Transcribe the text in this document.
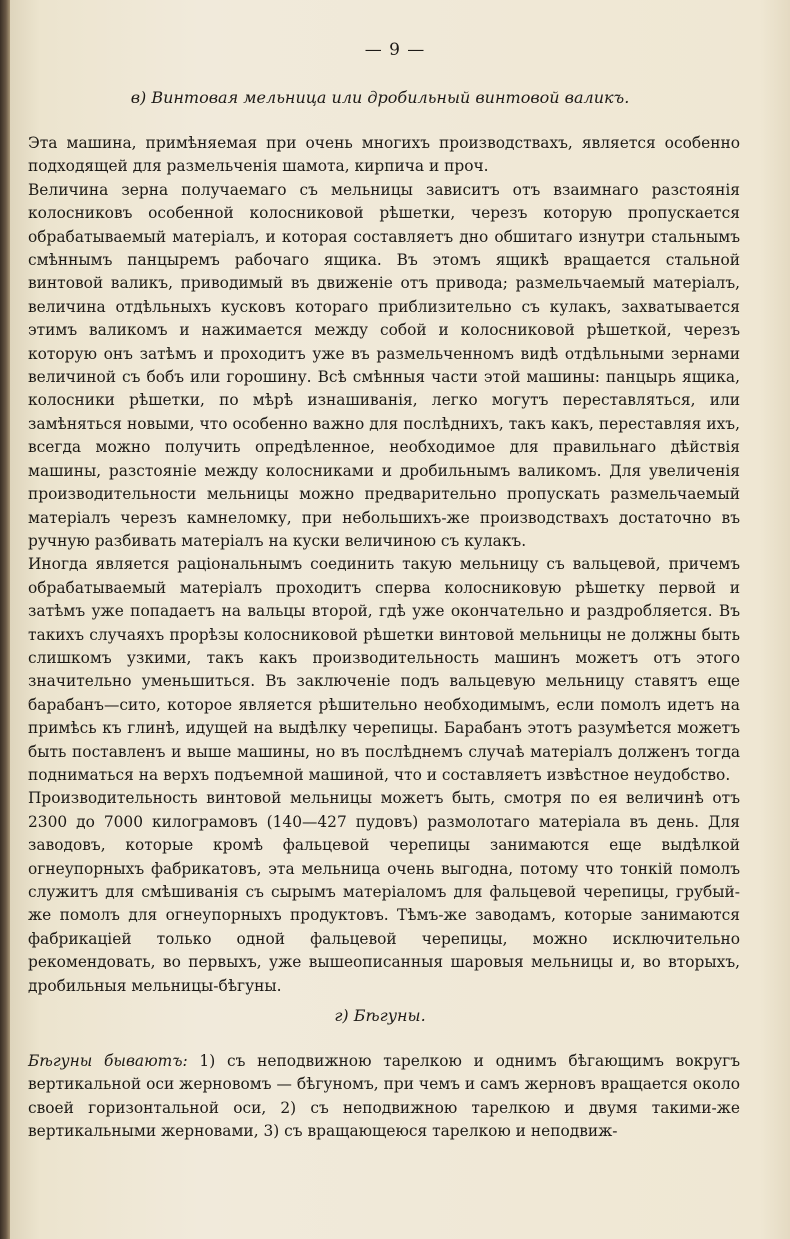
— 9 —
в) Винтовая мельница или дробильный винтовой валикъ.

Эта машина, примѣняемая при очень многихъ производствахъ, является особенно подходящей для размельченія шамота, кирпича и проч.

Величина зерна получаемаго съ мельницы зависитъ отъ взаимнаго разстоянія колосниковъ особенной колосниковой рѣшетки, черезъ которую пропускается обрабатываемый матеріалъ, и которая составляетъ дно обшитаго изнутри стальнымъ смѣннымъ панцыремъ рабочаго ящика. Въ этомъ ящикѣ вращается стальной винтовой валикъ, приводимый въ движеніе отъ привода; размельчаемый матеріалъ, величина отдѣльныхъ кусковъ котораго приблизительно съ кулакъ, захватывается этимъ валикомъ и нажимается между собой и колосниковой рѣшеткой, черезъ которую онъ затѣмъ и проходитъ уже въ размельченномъ видѣ отдѣльными зернами величиной съ бобъ или горошину. Всѣ смѣнныя части этой машины: панцырь ящика, колосники рѣшетки, по мѣрѣ изнашиванія, легко могутъ переставляться, или замѣняться новыми, что особенно важно для послѣднихъ, такъ какъ, переставляя ихъ, всегда можно получить опредѣленное, необходимое для правильнаго дѣйствія машины, разстояніе между колосниками и дробильнымъ валикомъ. Для увеличенія производительности мельницы можно предварительно пропускать размельчаемый матеріалъ черезъ камнеломку, при небольшихъ-же производствахъ достаточно въ ручную разбивать матеріалъ на куски величиною съ кулакъ.

Иногда является раціональнымъ соединить такую мельницу съ вальцевой, причемъ обрабатываемый матеріалъ проходитъ сперва колосниковую рѣшетку первой и затѣмъ уже попадаетъ на вальцы второй, гдѣ уже окончательно и раздробляется. Въ такихъ случаяхъ прорѣзы колосниковой рѣшетки винтовой мельницы не должны быть слишкомъ узкими, такъ какъ производительность машинъ можетъ отъ этого значительно уменьшиться. Въ заключеніе подъ вальцевую мельницу ставятъ еще барабанъ—сито, которое является рѣшительно необходимымъ, если помолъ идетъ на примѣсь къ глинѣ, идущей на выдѣлку черепицы. Барабанъ этотъ разумѣется можетъ быть поставленъ и выше машины, но въ послѣднемъ случаѣ матеріалъ долженъ тогда подниматься на верхъ подъемной машиной, что и составляетъ извѣстное неудобство.

Производительность винтовой мельницы можетъ быть, смотря по ея величинѣ отъ 2300 до 7000 килограмовъ (140—427 пудовъ) размолотаго матеріала въ день. Для заводовъ, которые кромѣ фальцевой черепицы занимаются еще выдѣлкой огнеупорныхъ фабрикатовъ, эта мельница очень выгодна, потому что тонкій помолъ служитъ для смѣшиванія съ сырымъ матеріаломъ для фальцевой черепицы, грубый-же помолъ для огнеупорныхъ продуктовъ. Тѣмъ-же заводамъ, которые занимаются фабрикаціей только одной фальцевой черепицы, можно исключительно рекомендовать, во первыхъ, уже вышеописанныя шаровыя мельницы и, во вторыхъ, дробильныя мельницы-бѣгуны.

г) Бѣгуны.

Бѣгуны бываютъ: 1) съ неподвижною тарелкою и однимъ бѣгающимъ вокругъ вертикальной оси жерновомъ — бѣгуномъ, при чемъ и самъ жерновъ вращается около своей горизонтальной оси, 2) съ неподвижною тарелкою и двумя такими-же вертикальными жерновами, 3) съ вращающеюся тарелкою и неподвиж-
